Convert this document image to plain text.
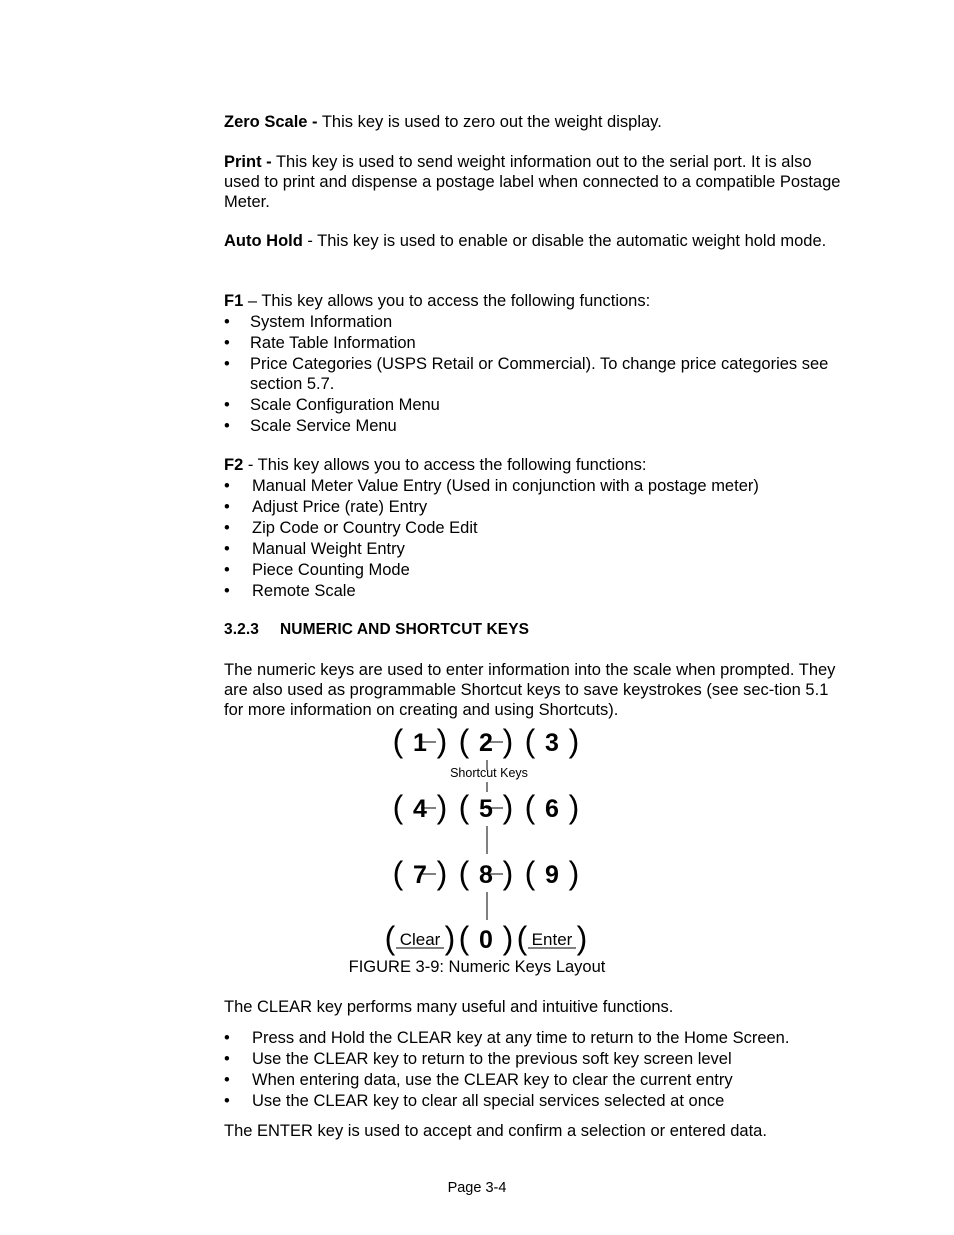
Zero Scale - This key is used to zero out the weight display.
Print - This key is used to send weight information out to the serial port. It is also used to print and dispense a postage label when connected to a compatible Postage Meter.
Auto Hold - This key is used to enable or disable the automatic weight hold mode.
F1 – This key allows you to access the following functions:
• System Information
• Rate Table Information
• Price Categories (USPS Retail or Commercial). To change price categories see section 5.7.
• Scale Configuration Menu
• Scale Service Menu
F2 - This key allows you to access the following functions:
• Manual Meter Value Entry (Used in conjunction with a postage meter)
• Adjust Price (rate) Entry
• Zip Code or Country Code Edit
• Manual Weight Entry
• Piece Counting Mode
• Remote Scale
3.2.3 NUMERIC AND SHORTCUT KEYS
The numeric keys are used to enter information into the scale when prompted. They are also used as programmable Shortcut keys to save keystrokes (see sec-tion 5.1 for more information on creating and using Shortcuts).
( 1 ) ( 2 ) ( 3 )
( 4 ) ( 5 ) ( 6 )
( 7 ) ( 8 ) ( 9 )
( Clear ) ( 0 ) ( Enter )
Shortcut Keys
FIGURE 3-9: Numeric Keys Layout
The CLEAR key performs many useful and intuitive functions.
• Press and Hold the CLEAR key at any time to return to the Home Screen.
• Use the CLEAR key to return to the previous soft key screen level
• When entering data, use the CLEAR key to clear the current entry
• Use the CLEAR key to clear all special services selected at once
The ENTER key is used to accept and confirm a selection or entered data.
Page 3-4
